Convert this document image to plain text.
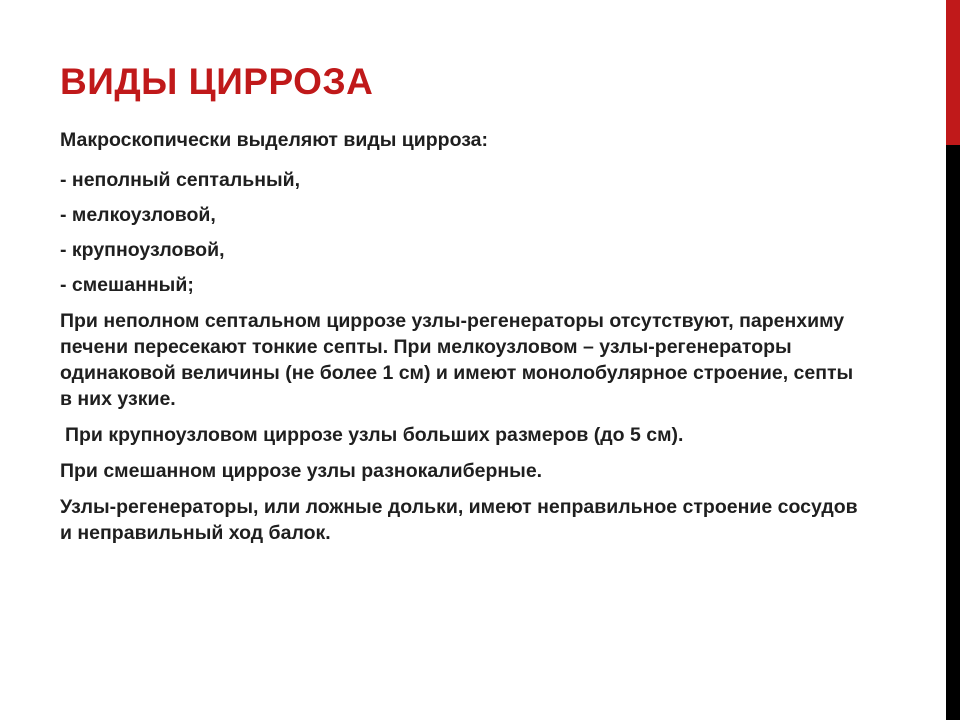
ВИДЫ ЦИРРОЗА

Макроскопически выделяют виды цирроза:

- неполный септальный,

- мелкоузловой,

- крупноузловой,

- смешанный;

При неполном септальном циррозе узлы-регенераторы отсутствуют, паренхиму печени пересекают тонкие септы. При мелкоузловом – узлы-регенераторы одинаковой величины (не более 1 см) и имеют монолобулярное строение, септы в них узкие.

При крупноузловом циррозе узлы больших размеров (до 5 см).

При смешанном циррозе узлы разнокалиберные.

Узлы-регенераторы, или ложные дольки, имеют неправильное строение сосудов и неправильный ход балок.
